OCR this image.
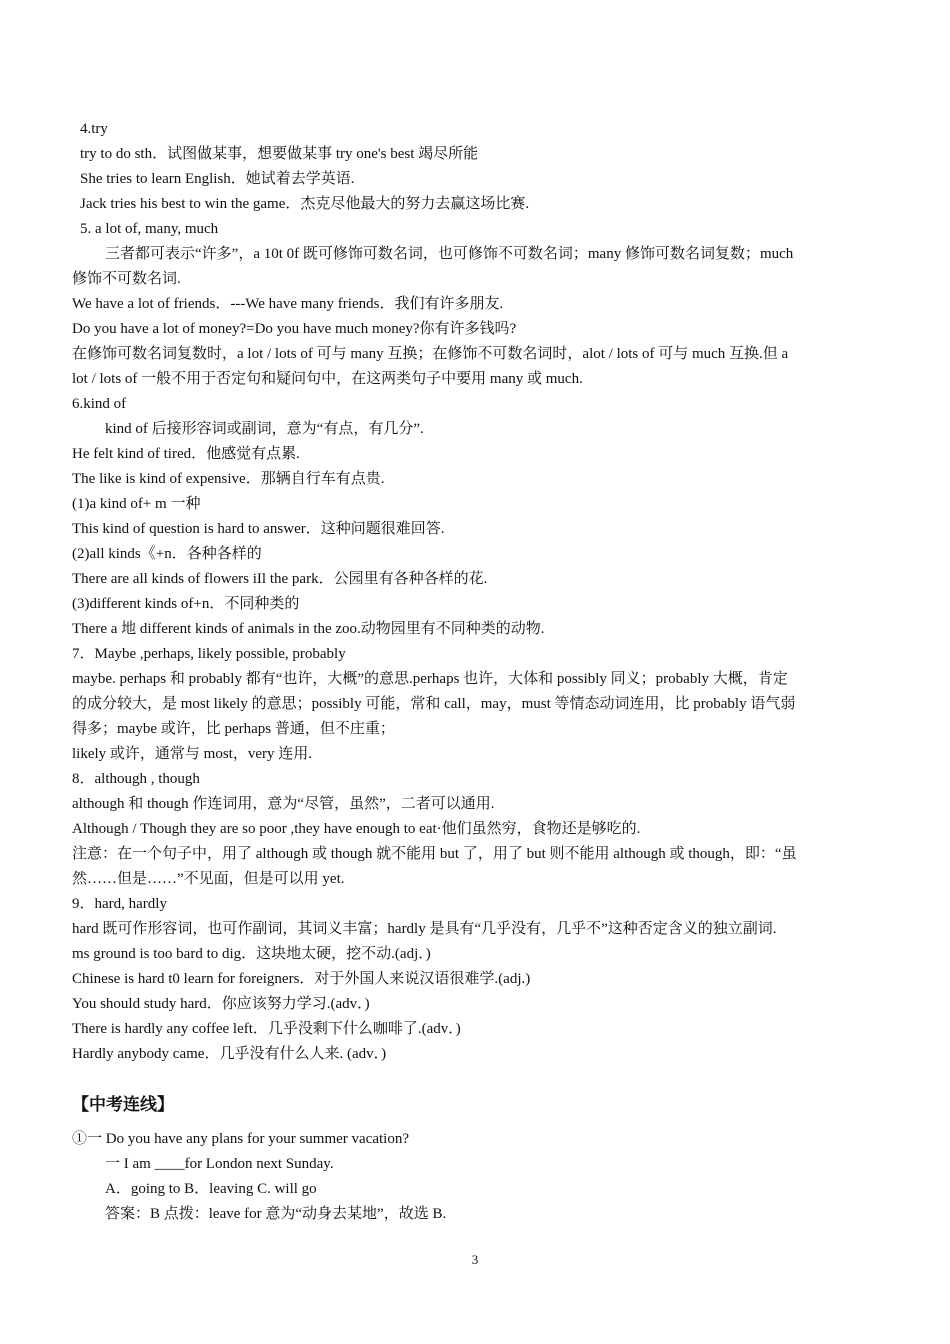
4.try
try to do sth．试图做某事，想要做某事 try one's best 竭尽所能
She tries to learn English．她试着去学英语.
Jack tries his best to win the game．杰克尽他最大的努力去赢这场比赛.
5. a lot of, many, much
三者都可表示“许多”，a 10t 0f 既可修饰可数名词，也可修饰不可数名词；many 修饰可数名词复数；much
修饰不可数名词.
We have a lot of friends．---We have many friends．我们有许多朋友.
Do you have a lot of money?=Do you have much money?你有许多钱吗?
在修饰可数名词复数时，a lot / lots of 可与 many 互换；在修饰不可数名词时，alot / lots of 可与 much 互换.但 a
lot / lots of 一般不用于否定句和疑问句中，在这两类句子中要用 many 或 much.
6.kind of
kind of 后接形容词或副词，意为“有点，有几分”.
He felt kind of tired．他感觉有点累.
The like is kind of expensive．那辆自行车有点贵.
(1)a kind of+ m 一种
This kind of question is hard to answer．这种问题很难回答.
(2)all kinds《+n．各种各样的
There are all kinds of flowers iIl the park．公园里有各种各样的花.
(3)different kinds of+n．不同种类的
There a 地 different kinds of animals in the zoo.动物园里有不同种类的动物.
7．Maybe ,perhaps, likely possible, probably
maybe. perhaps 和 probably 都有“也许，大概”的意思.perhaps 也许，大体和 possibly 同义；probably 大概，肯定
的成分较大，是 most likely 的意思；possibly 可能，常和 call，may，must 等情态动词连用，比 probably 语气弱
得多；maybe 或许，比 perhaps 普通，但不庄重；
likely 或许，通常与 most，very 连用.
8．although , though
although 和 though 作连词用，意为“尽管，虽然”，二者可以通用.
Although / Though they are so poor ,they have enough to eat·他们虽然穷，食物还是够吃的.
注意：在一个句子中，用了 although 或 though 就不能用 but 了，用了 but 则不能用 although 或 though，即：“虽
然……但是……”不见面，但是可以用 yet.
9．hard, hardly
hard 既可作形容词，也可作副词，其词义丰富；hardly 是具有“几乎没有，几乎不”这种否定含义的独立副词.
ms ground is too bard to dig．这块地太硬，挖不动.(adj．)
Chinese is hard t0 learn for foreigners．对于外国人来说汉语很难学.(adj.)
You should study hard．你应该努力学习.(adv．)
There is hardly any coffee left．几乎没剩下什么咖啡了.(adv．)
Hardly anybody came．几乎没有什么人来. (adv．)
【中考连线】
①一 Do you have any plans for your summer vacation?
一 I am ____for London next Sunday.
A．going to B．leaving C. will go
答案：B 点拨：leave for 意为“动身去某地”，故选 B.
3
